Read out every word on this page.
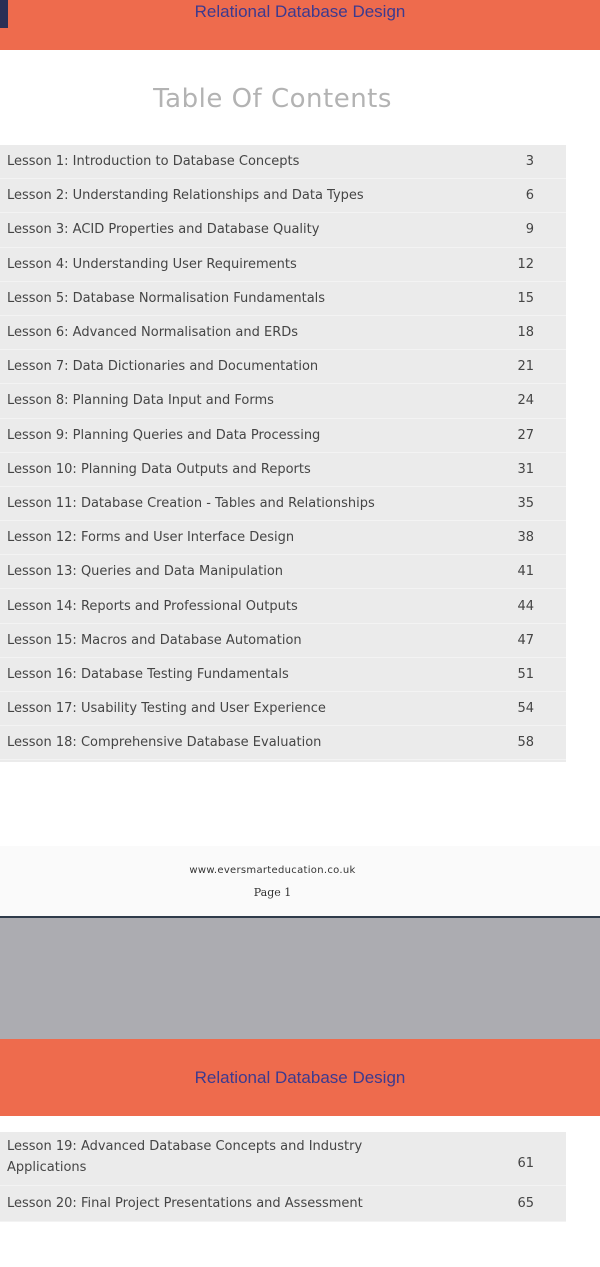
Relational Database Design
Table Of Contents
Lesson 1: Introduction to Database Concepts	3
Lesson 2: Understanding Relationships and Data Types	6
Lesson 3: ACID Properties and Database Quality	9
Lesson 4: Understanding User Requirements	12
Lesson 5: Database Normalisation Fundamentals	15
Lesson 6: Advanced Normalisation and ERDs	18
Lesson 7: Data Dictionaries and Documentation	21
Lesson 8: Planning Data Input and Forms	24
Lesson 9: Planning Queries and Data Processing	27
Lesson 10: Planning Data Outputs and Reports	31
Lesson 11: Database Creation - Tables and Relationships	35
Lesson 12: Forms and User Interface Design	38
Lesson 13: Queries and Data Manipulation	41
Lesson 14: Reports and Professional Outputs	44
Lesson 15: Macros and Database Automation	47
Lesson 16: Database Testing Fundamentals	51
Lesson 17: Usability Testing and User Experience	54
Lesson 18: Comprehensive Database Evaluation	58
www.eversmarteducation.co.uk
Page 1
Relational Database Design
Lesson 19: Advanced Database Concepts and Industry Applications	61
Lesson 20: Final Project Presentations and Assessment	65
